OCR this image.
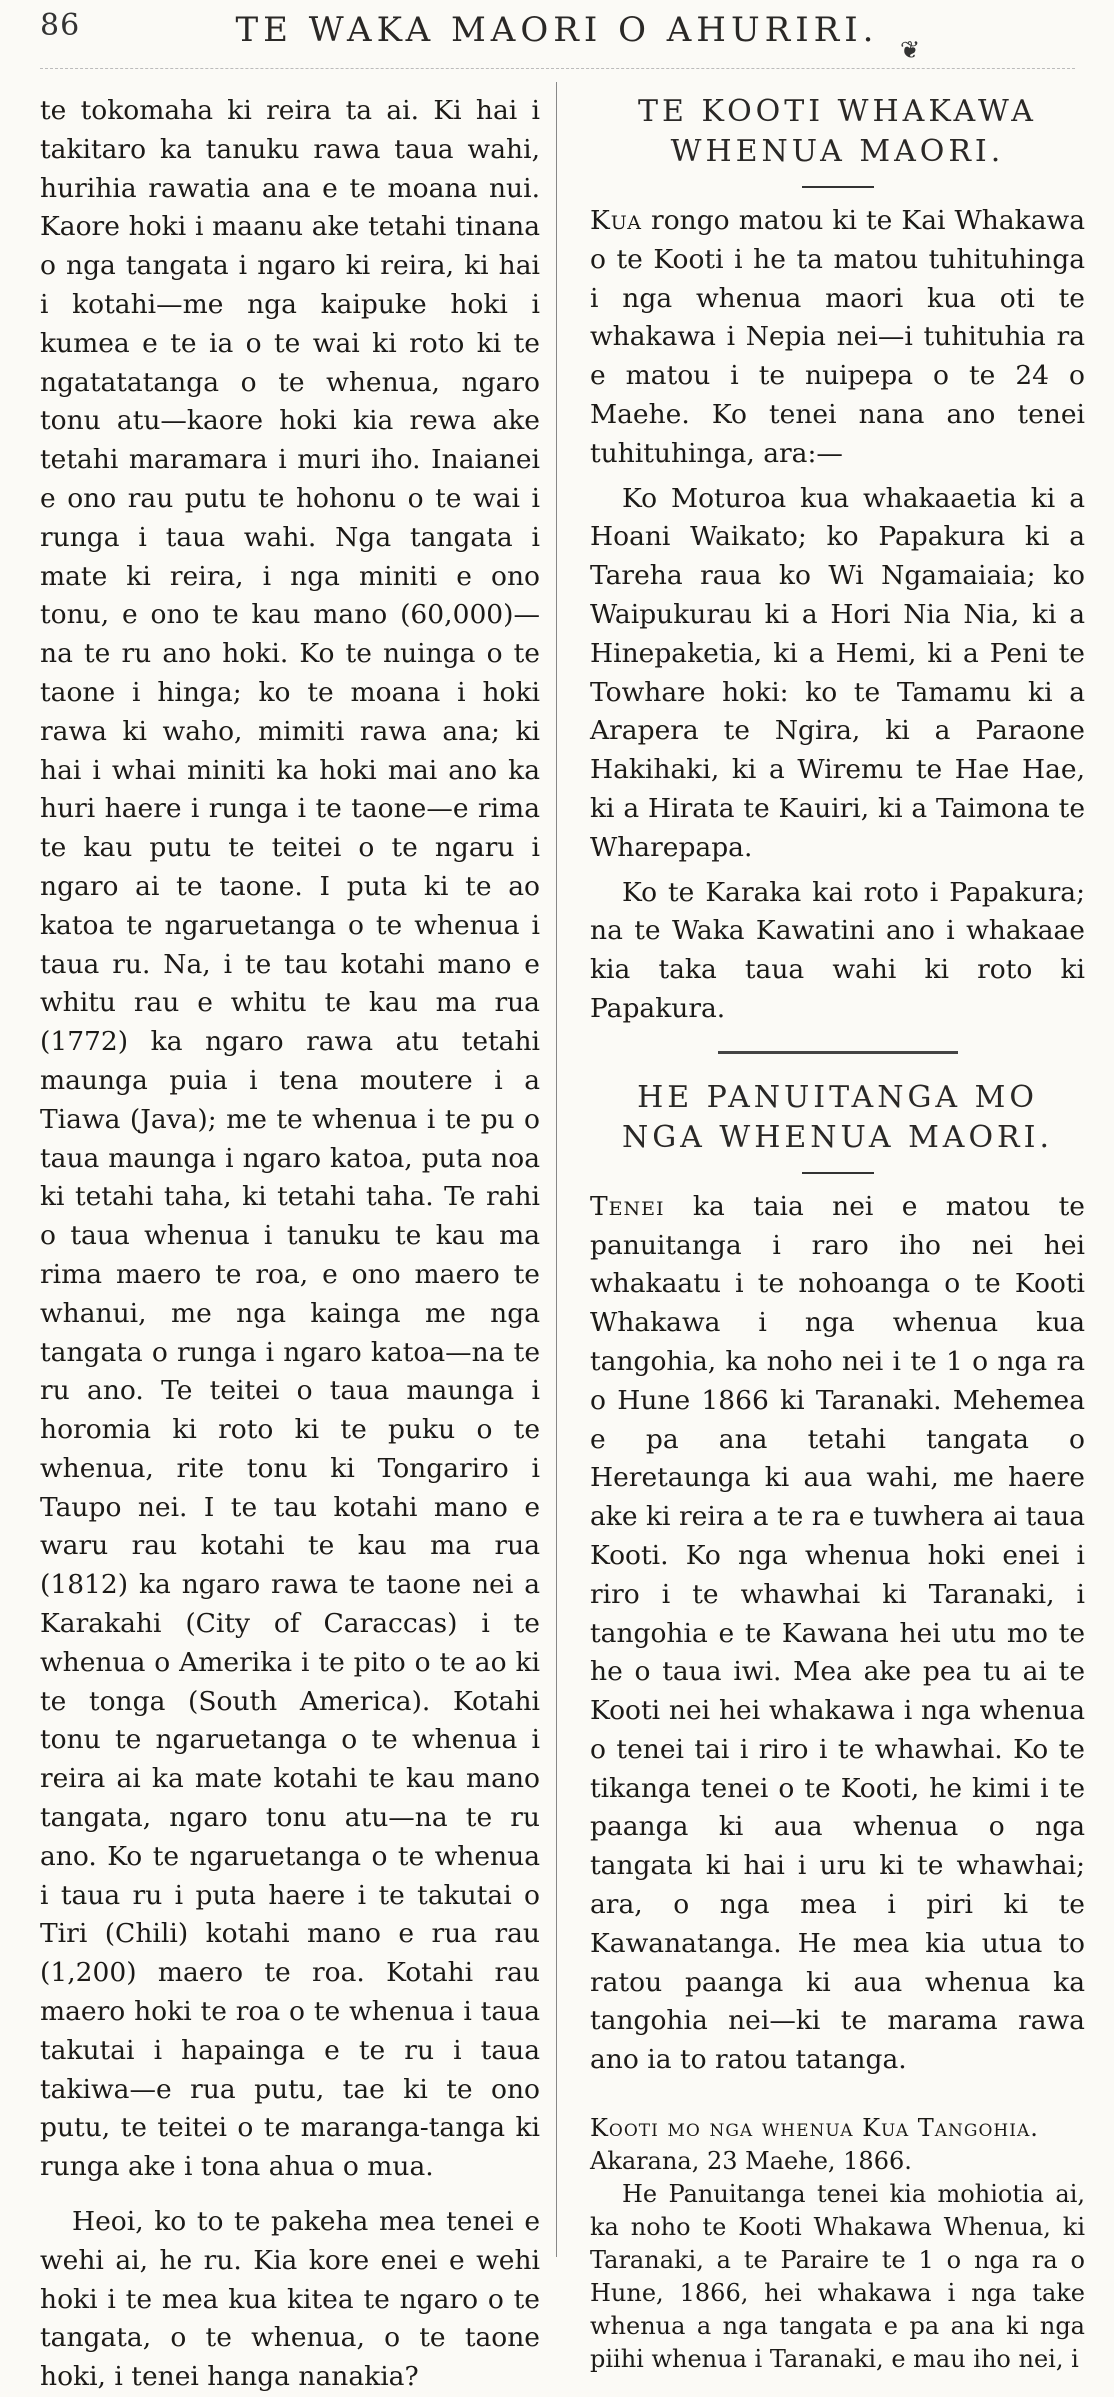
86	TE WAKA MAORI O AHURIRI. ❦

te tokomaha ki reira ta ai. Ki hai i takitaro ka tanuku rawa taua wahi, hurihia rawatia ana e te moana nui. Kaore hoki i maanu ake tetahi tinana o nga tangata i ngaro ki reira, ki hai i kotahi—me nga kaipuke hoki i kumea e te ia o te wai ki roto ki te ngatatatanga o te whenua, ngaro tonu atu—kaore hoki kia rewa ake tetahi maramara i muri iho. Inaianei e ono rau putu te hohonu o te wai i runga i taua wahi. Nga tangata i mate ki reira, i nga miniti e ono tonu, e ono te kau mano (60,000)—na te ru ano hoki. Ko te nuinga o te taone i hinga; ko te moana i hoki rawa ki waho, mimiti rawa ana; ki hai i whai miniti ka hoki mai ano ka huri haere i runga i te taone—e rima te kau putu te teitei o te ngaru i ngaro ai te taone. I puta ki te ao katoa te ngaruetanga o te whenua i taua ru. Na, i te tau kotahi mano e whitu rau e whitu te kau ma rua (1772) ka ngaro rawa atu tetahi maunga puia i tena moutere i a Tiawa (Java); me te whenua i te pu o taua maunga i ngaro katoa, puta noa ki tetahi taha, ki tetahi taha. Te rahi o taua whenua i tanuku te kau ma rima maero te roa, e ono maero te whanui, me nga kainga me nga tangata o runga i ngaro katoa—na te ru ano. Te teitei o taua maunga i horomia ki roto ki te puku o te whenua, rite tonu ki Tongariro i Taupo nei. I te tau kotahi mano e waru rau kotahi te kau ma rua (1812) ka ngaro rawa te taone nei a Karakahi (City of Caraccas) i te whenua o Amerika i te pito o te ao ki te tonga (South America). Kotahi tonu te ngaruetanga o te whenua i reira ai ka mate kotahi te kau mano tangata, ngaro tonu atu—na te ru ano. Ko te ngaruetanga o te whenua i taua ru i puta haere i te takutai o Tiri (Chili) kotahi mano e rua rau (1,200) maero te roa. Kotahi rau maero hoki te roa o te whenua i taua takutai i hapainga e te ru i taua takiwa—e rua putu, tae ki te ono putu, te teitei o te maranga-tanga ki runga ake i tona ahua o mua.

Heoi, ko to te pakeha mea tenei e wehi ai, he ru. Kia kore enei e wehi hoki i te mea kua kitea te ngaro o te tangata, o te whenua, o te taone hoki, i tenei hanga nanakia?

TE KOOTI WHAKAWA WHENUA MAORI.

Kua rongo matou ki te Kai Whakawa o te Kooti i he ta matou tuhituhinga i nga whenua maori kua oti te whakawa i Nepia nei—i tuhituhia ra e matou i te nuipepa o te 24 o Maehe. Ko tenei nana ano tenei tuhituhinga, ara:—

Ko Moturoa kua whakaaetia ki a Hoani Waikato; ko Papakura ki a Tareha raua ko Wi Ngamaiaia; ko Waipukurau ki a Hori Nia Nia, ki a Hinepaketia, ki a Hemi, ki a Peni te Towhare hoki: ko te Tamamu ki a Arapera te Ngira, ki a Paraone Hakihaki, ki a Wiremu te Hae Hae, ki a Hirata te Kauiri, ki a Taimona te Wharepapa.

Ko te Karaka kai roto i Papakura; na te Waka Kawatini ano i whakaae kia taka taua wahi ki roto ki Papakura.

HE PANUITANGA MO NGA WHENUA MAORI.

Tenei ka taia nei e matou te panuitanga i raro iho nei hei whakaatu i te nohoanga o te Kooti Whakawa i nga whenua kua tangohia, ka noho nei i te 1 o nga ra o Hune 1866 ki Taranaki. Mehemea e pa ana tetahi tangata o Heretaunga ki aua wahi, me haere ake ki reira a te ra e tuwhera ai taua Kooti. Ko nga whenua hoki enei i riro i te whawhai ki Taranaki, i tangohia e te Kawana hei utu mo te he o taua iwi. Mea ake pea tu ai te Kooti nei hei whakawa i nga whenua o tenei tai i riro i te whawhai. Ko te tikanga tenei o te Kooti, he kimi i te paanga ki aua whenua o nga tangata ki hai i uru ki te whawhai; ara, o nga mea i piri ki te Kawanatanga. He mea kia utua to ratou paanga ki aua whenua ka tangohia nei—ki te marama rawa ano ia to ratou tatanga.

Kooti mo nga whenua Kua Tangohia.

Akarana, 23 Maehe, 1866.

He Panuitanga tenei kia mohiotia ai, ka noho te Kooti Whakawa Whenua, ki Taranaki, a te Paraire te 1 o nga ra o Hune, 1866, hei whakawa i nga take whenua a nga tangata e pa ana ki nga piihi whenua i Taranaki, e mau iho nei, i
